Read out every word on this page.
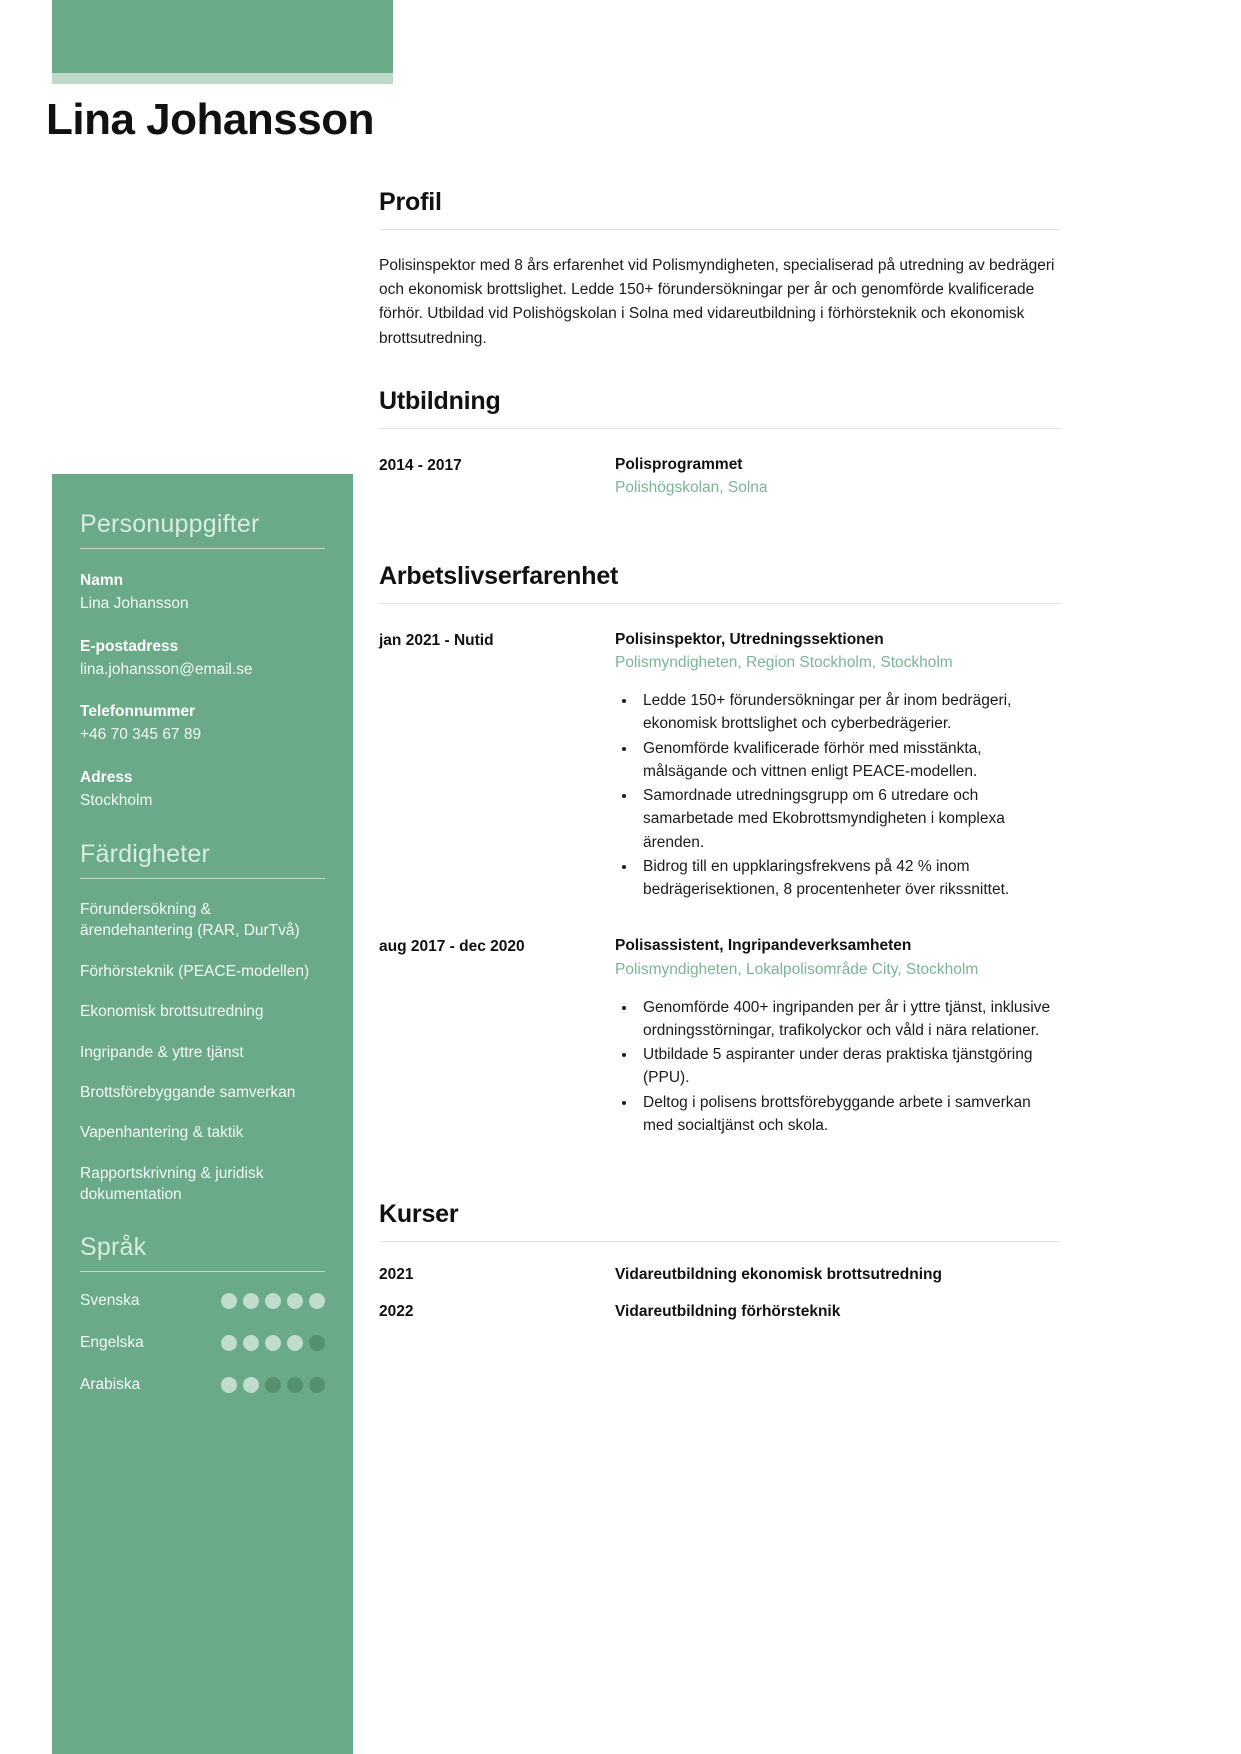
Lina Johansson
Personuppgifter
Namn
Lina Johansson
E-postadress
lina.johansson@email.se
Telefonnummer
+46 70 345 67 89
Adress
Stockholm
Färdigheter
Förundersökning & ärendehantering (RAR, DurTvå)
Förhörsteknik (PEACE-modellen)
Ekonomisk brottsutredning
Ingripande & yttre tjänst
Brottsförebyggande samverkan
Vapenhantering & taktik
Rapportskrivning & juridisk dokumentation
Språk
Svenska
Engelska
Arabiska
Profil

Polisinspektor med 8 års erfarenhet vid Polismyndigheten, specialiserad på utredning av bedrägeri och ekonomisk brottslighet. Ledde 150+ förundersökningar per år och genomförde kvalificerade förhör. Utbildad vid Polishögskolan i Solna med vidareutbildning i förhörsteknik och ekonomisk brottsutredning.

Utbildning
2014 - 2017	Polisprogrammet
Polishögskolan, Solna
Arbetslivserfarenhet
jan 2021 - Nutid	Polisinspektor, Utredningssektionen
Polismyndigheten, Region Stockholm, Stockholm
• Ledde 150+ förundersökningar per år inom bedrägeri, ekonomisk brottslighet och cyberbedrägerier.
• Genomförde kvalificerade förhör med misstänkta, målsägande och vittnen enligt PEACE-modellen.
• Samordnade utredningsgrupp om 6 utredare och samarbetade med Ekobrottsmyndigheten i komplexa ärenden.
• Bidrog till en uppklaringsfrekvens på 42 % inom bedrägerisektionen, 8 procentenheter över rikssnittet.
aug 2017 - dec 2020	Polisassistent, Ingripandeverksamheten
Polismyndigheten, Lokalpolisområde City, Stockholm
• Genomförde 400+ ingripanden per år i yttre tjänst, inklusive ordningsstörningar, trafikolyckor och våld i nära relationer.
• Utbildade 5 aspiranter under deras praktiska tjänstgöring (PPU).
• Deltog i polisens brottsförebyggande arbete i samverkan med socialtjänst och skola.
Kurser
2021	Vidareutbildning ekonomisk brottsutredning
2022	Vidareutbildning förhörsteknik
